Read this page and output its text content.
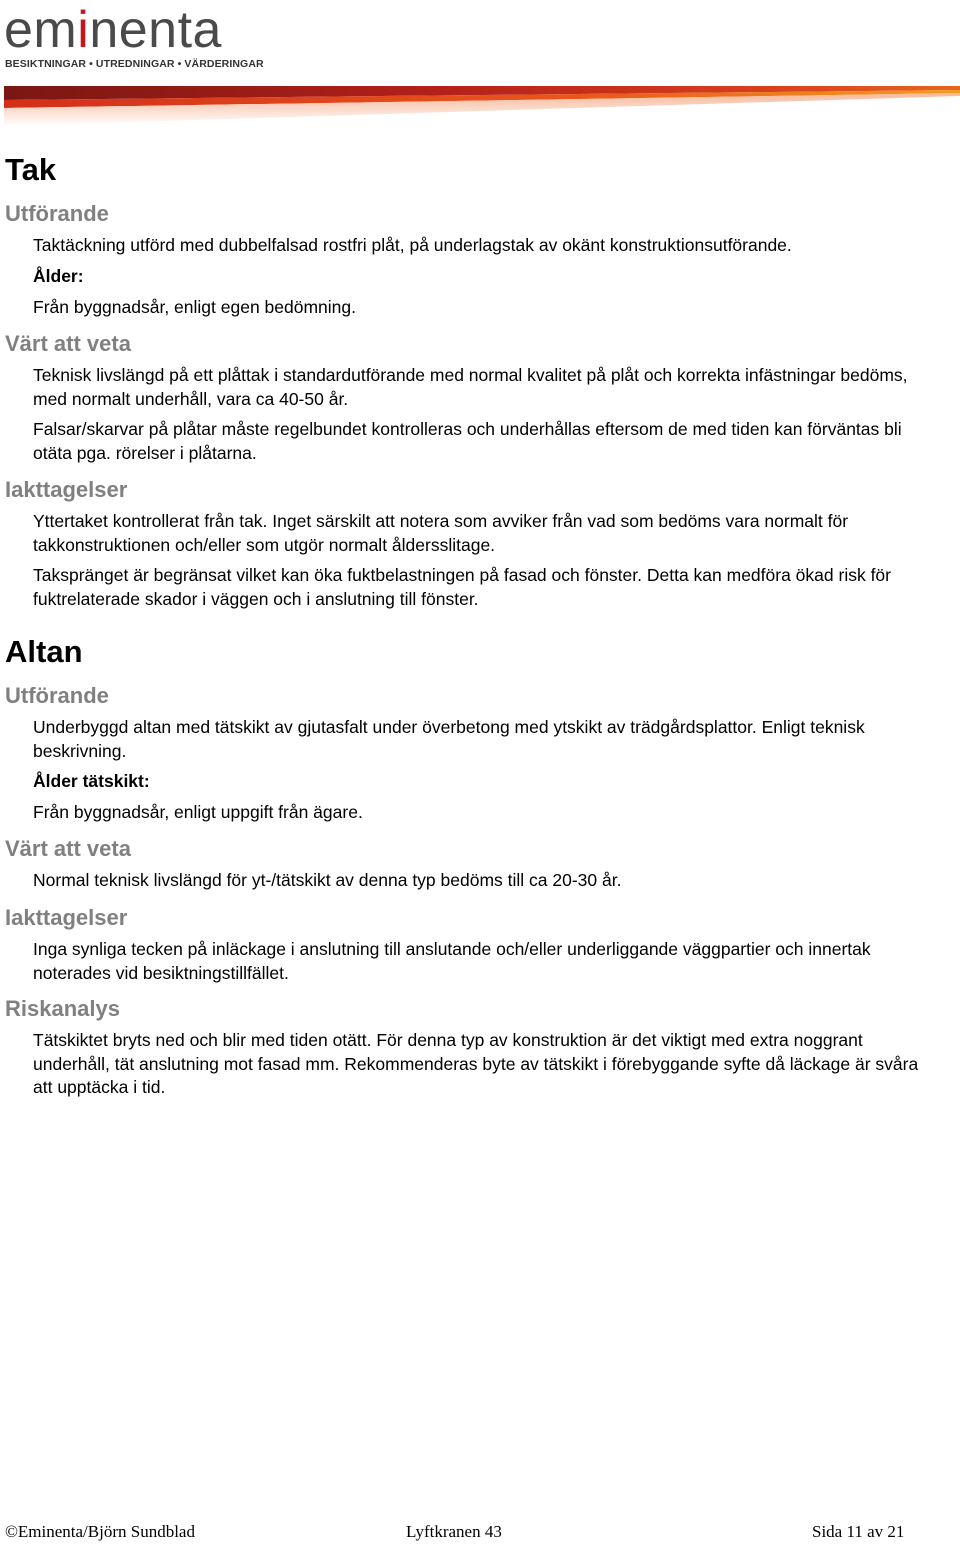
eminenta
BESIKTNINGAR • UTREDNINGAR • VÄRDERINGAR
Tak
Utförande

Taktäckning utförd med dubbelfalsad rostfri plåt, på underlagstak av okänt konstruktionsutförande.

Ålder:

Från byggnadsår, enligt egen bedömning.

Värt att veta

Teknisk livslängd på ett plåttak i standardutförande med normal kvalitet på plåt och korrekta infästningar bedöms, med normalt underhåll, vara ca 40-50 år.

Falsar/skarvar på plåtar måste regelbundet kontrolleras och underhållas eftersom de med tiden kan förväntas bli otäta pga. rörelser i plåtarna.

Iakttagelser

Yttertaket kontrollerat från tak. Inget särskilt att notera som avviker från vad som bedöms vara normalt för takkonstruktionen och/eller som utgör normalt åldersslitage.

Takspränget är begränsat vilket kan öka fuktbelastningen på fasad och fönster. Detta kan medföra ökad risk för fuktrelaterade skador i väggen och i anslutning till fönster.

Altan
Utförande

Underbyggd altan med tätskikt av gjutasfalt under överbetong med ytskikt av trädgårdsplattor. Enligt teknisk beskrivning.

Ålder tätskikt:

Från byggnadsår, enligt uppgift från ägare.

Värt att veta

Normal teknisk livslängd för yt-/tätskikt av denna typ bedöms till ca 20-30 år.

Iakttagelser

Inga synliga tecken på inläckage i anslutning till anslutande och/eller underliggande väggpartier och innertak noterades vid besiktningstillfället.

Riskanalys

Tätskiktet bryts ned och blir med tiden otätt. För denna typ av konstruktion är det viktigt med extra noggrant underhåll, tät anslutning mot fasad mm. Rekommenderas byte av tätskikt i förebyggande syfte då läckage är svåra att upptäcka i tid.

©Eminenta/Björn Sundblad	Lyftkranen 43	Sida 11 av 21
